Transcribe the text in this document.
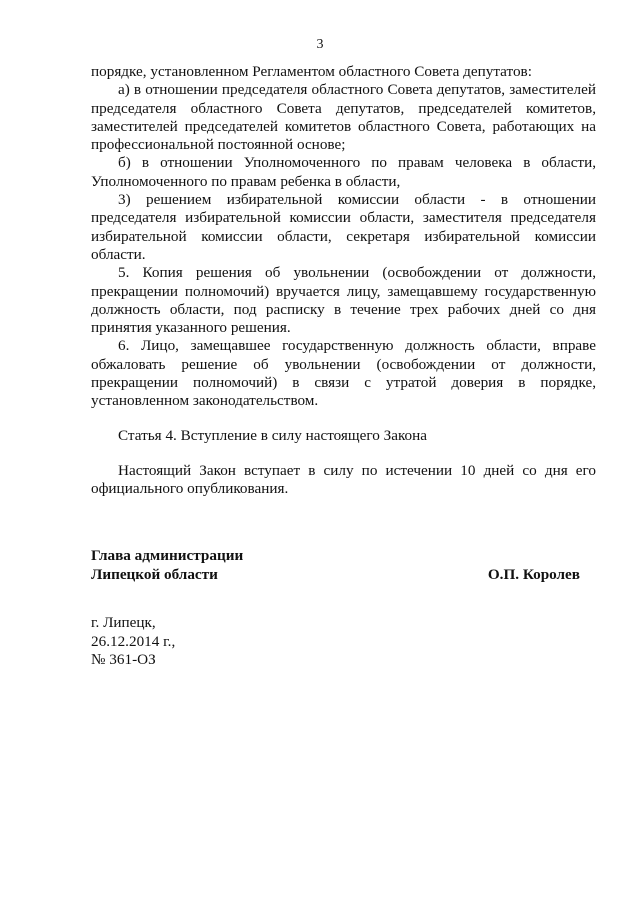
3

порядке, установленном Регламентом областного Совета депутатов:

а) в отношении председателя областного Совета депутатов, заместителей председателя областного Совета депутатов, председателей комитетов, заместителей председателей комитетов областного Совета, работающих на профессиональной постоянной основе;

б) в отношении Уполномоченного по правам человека в области, Уполномоченного по правам ребенка в области,

3) решением избирательной комиссии области - в отношении председателя избирательной комиссии области, заместителя председателя избирательной комиссии области, секретаря избирательной комиссии области.

5. Копия решения об увольнении (освобождении от должности, прекращении полномочий) вручается лицу, замещавшему государственную должность области, под расписку в течение трех рабочих дней со дня принятия указанного решения.

6. Лицо, замещавшее государственную должность области, вправе обжаловать решение об увольнении (освобождении от должности, прекращении полномочий) в связи с утратой доверия в порядке, установленном законодательством.

Статья 4. Вступление в силу настоящего Закона

Настоящий Закон вступает в силу по истечении 10 дней со дня его официального опубликования.

Глава администрации
Липецкой области	О.П. Королев
г. Липецк,
26.12.2014 г.,
№ 361-ОЗ
